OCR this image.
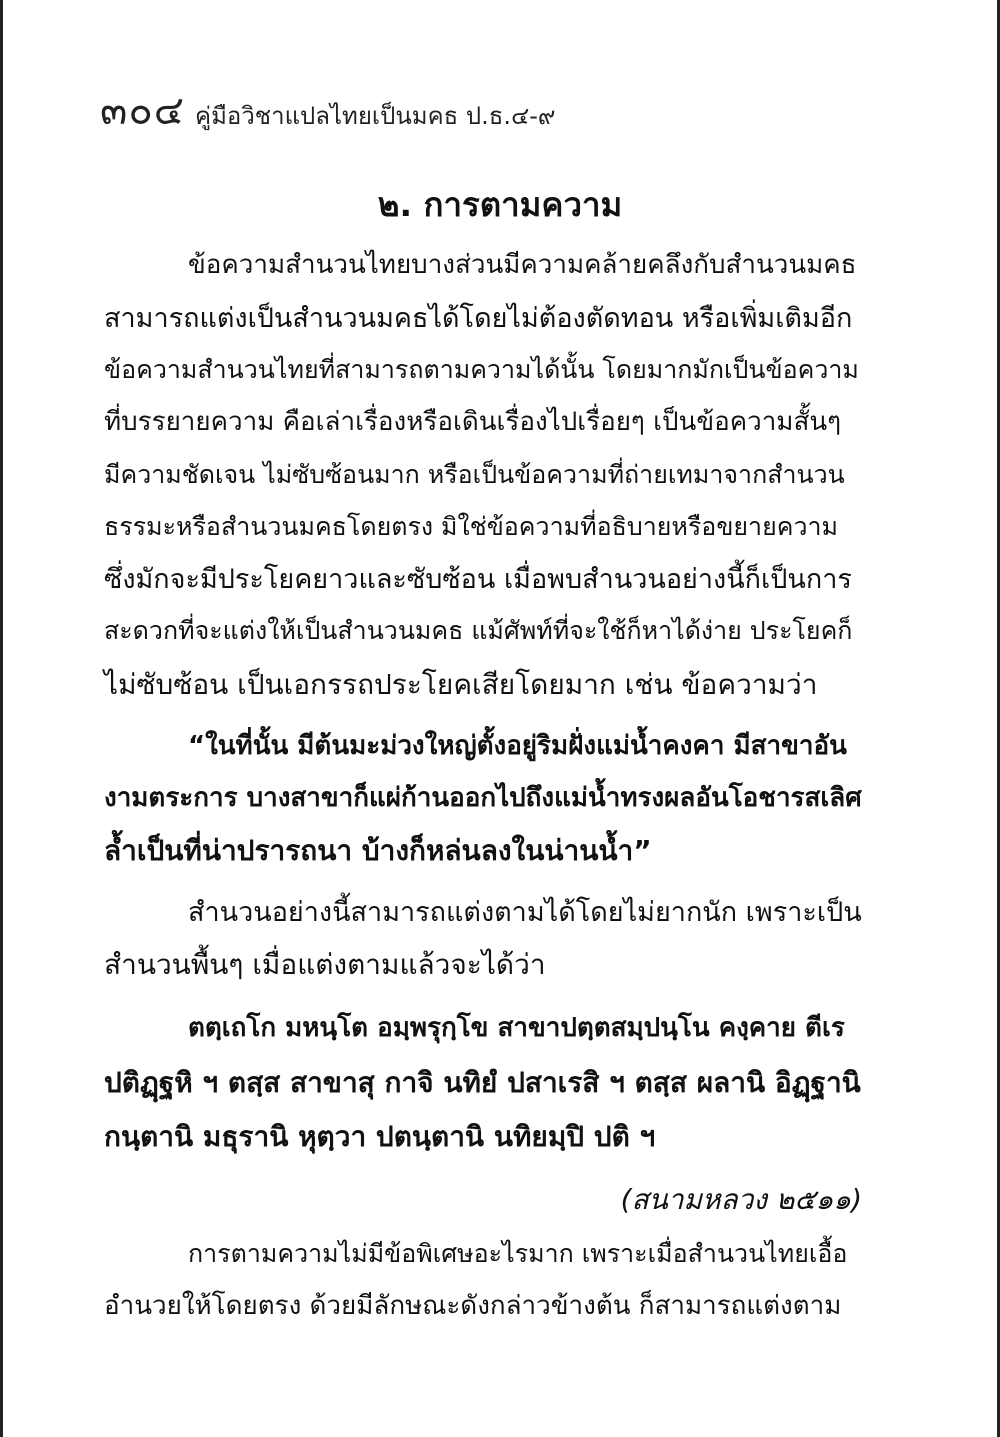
๓๐๔ คู่มือวิชาแปลไทยเป็นมคธ ป.ธ.๔-๙
๒. การตามความ
ข้อความสำนวนไทยบางส่วนมีความคล้ายคลึงกับสำนวนมคธ
สามารถแต่งเป็นสำนวนมคธได้โดยไม่ต้องตัดทอน หรือเพิ่มเติมอีก
ข้อความสำนวนไทยที่สามารถตามความได้นั้น โดยมากมักเป็นข้อความ
ที่บรรยายความ คือเล่าเรื่องหรือเดินเรื่องไปเรื่อยๆ เป็นข้อความสั้นๆ
มีความชัดเจน ไม่ซับซ้อนมาก หรือเป็นข้อความที่ถ่ายเทมาจากสำนวน
ธรรมะหรือสำนวนมคธโดยตรง มิใช่ข้อความที่อธิบายหรือขยายความ
ซึ่งมักจะมีประโยคยาวและซับซ้อน เมื่อพบสำนวนอย่างนี้ก็เป็นการ
สะดวกที่จะแต่งให้เป็นสำนวนมคธ แม้ศัพท์ที่จะใช้ก็หาได้ง่าย ประโยคก็
ไม่ซับซ้อน เป็นเอกรรถประโยคเสียโดยมาก เช่น ข้อความว่า
“ในที่นั้น มีต้นมะม่วงใหญ่ตั้งอยู่ริมฝั่งแม่น้ำคงคา มีสาขาอัน
งามตระการ บางสาขาก็แผ่ก้านออกไปถึงแม่น้ำทรงผลอันโอชารสเลิศ
ล้ำเป็นที่น่าปรารถนา บ้างก็หล่นลงในน่านน้ำ”
สำนวนอย่างนี้สามารถแต่งตามได้โดยไม่ยากนัก เพราะเป็น
สำนวนพื้นๆ เมื่อแต่งตามแล้วจะได้ว่า
ตตฺเถโก มหนฺโต อมฺพรุกฺโข สาขาปตฺตสมฺปนฺโน คงฺคาย ตีเร
ปติฏฺฐหิ ฯ ตสฺส สาขาสุ กาจิ นทิยํ ปสาเรสิ ฯ ตสฺส ผลานิ อิฏฺฐานิ
กนฺตานิ มธุรานิ หุตฺวา ปตนฺตานิ นทิยมฺปิ ปติ ฯ
(สนามหลวง ๒๕๑๑)
การตามความไม่มีข้อพิเศษอะไรมาก เพราะเมื่อสำนวนไทยเอื้อ
อำนวยให้โดยตรง ด้วยมีลักษณะดังกล่าวข้างต้น ก็สามารถแต่งตาม
